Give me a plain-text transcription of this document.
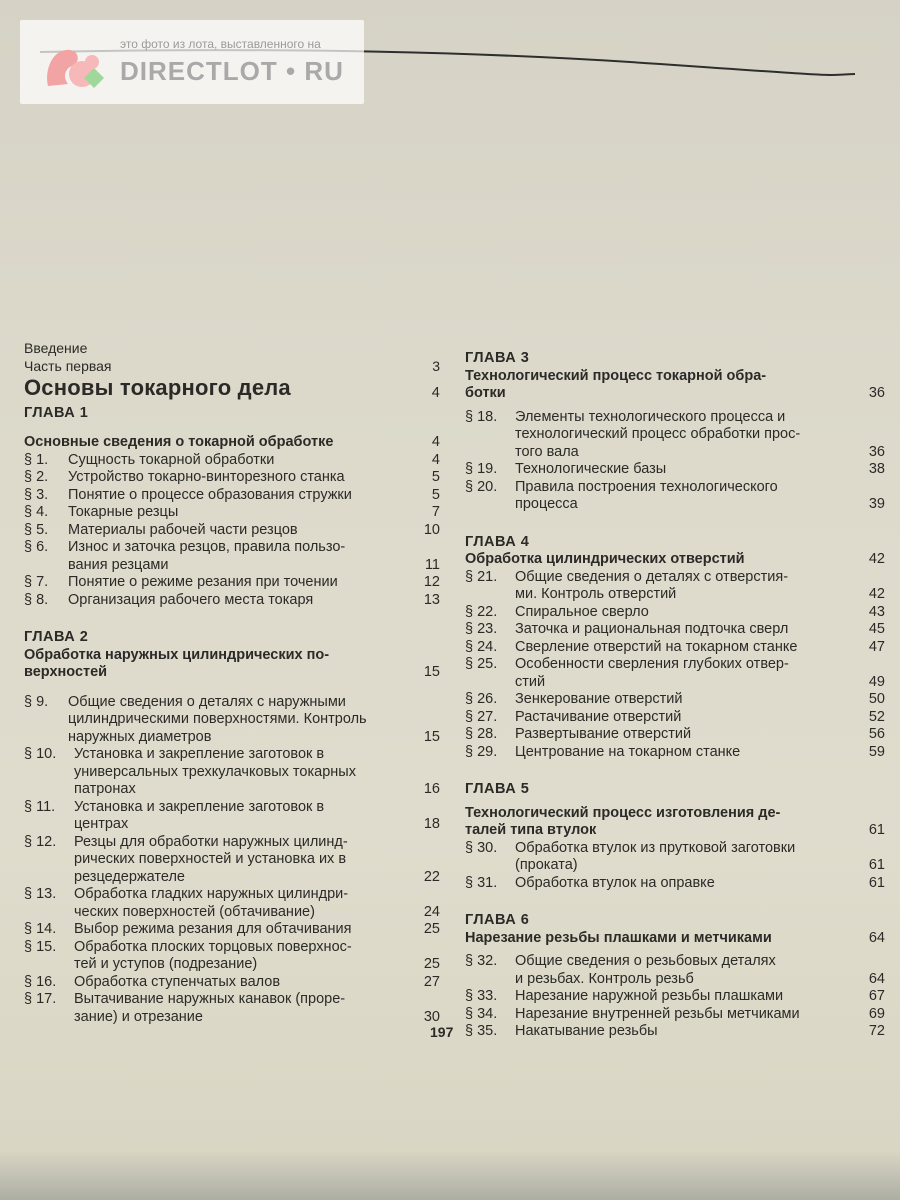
это фото из лота, выставленного на
DIRECTLOT • RU
Введение
Часть первая	3
Основы токарного дела	4
ГЛАВА 1
Основные сведения о токарной обработке	4
§ 1. Сущность токарной обработки	4
§ 2. Устройство токарно-винторезного станка	5
§ 3. Понятие о процессе образования стружки	5
§ 4. Токарные резцы	7
§ 5. Материалы рабочей части резцов	10
§ 6. Износ и заточка резцов, правила пользо-
вания резцами	11
§ 7. Понятие о режиме резания при точении	12
§ 8. Организация рабочего места токаря	13
ГЛАВА 2
Обработка наружных цилиндрических по-
верхностей	15
§ 9. Общие сведения о деталях с наружными
цилиндрическими поверхностями. Контроль
наружных диаметров	15
§ 10. Установка и закрепление заготовок в
универсальных трехкулачковых токарных
патронах	16
§ 11. Установка и закрепление заготовок в
центрах	18
§ 12. Резцы для обработки наружных цилинд-
рических поверхностей и установка их в
резцедержателе	22
§ 13. Обработка гладких наружных цилиндри-
ческих поверхностей (обтачивание)	24
§ 14. Выбор режима резания для обтачивания	25
§ 15. Обработка плоских торцовых поверхнос-
тей и уступов (подрезание)	25
§ 16. Обработка ступенчатых валов	27
§ 17. Вытачивание наружных канавок (проре-
зание) и отрезание	30
ГЛАВА 3
Технологический процесс токарной обра-
ботки	36
§ 18. Элементы технологического процесса и
технологический процесс обработки прос-
того вала	36
§ 19. Технологические базы	38
§ 20. Правила построения технологического
процесса	39
ГЛАВА 4
Обработка цилиндрических отверстий	42
§ 21. Общие сведения о деталях с отверстия-
ми. Контроль отверстий	42
§ 22. Спиральное сверло	43
§ 23. Заточка и рациональная подточка сверл	45
§ 24. Сверление отверстий на токарном станке	47
§ 25. Особенности сверления глубоких отвер-
стий	49
§ 26. Зенкерование отверстий	50
§ 27. Растачивание отверстий	52
§ 28. Развертывание отверстий	56
§ 29. Центрование на токарном станке	59
ГЛАВА 5
Технологический процесс изготовления де-
талей типа втулок	61
§ 30. Обработка втулок из прутковой заготовки
(проката)	61
§ 31. Обработка втулок на оправке	61
ГЛАВА 6
Нарезание резьбы плашками и метчиками	64
§ 32. Общие сведения о резьбовых деталях
и резьбах. Контроль резьб	64
§ 33. Нарезание наружной резьбы плашками	67
§ 34. Нарезание внутренней резьбы метчиками	69
§ 35. Накатывание резьбы	72
197
